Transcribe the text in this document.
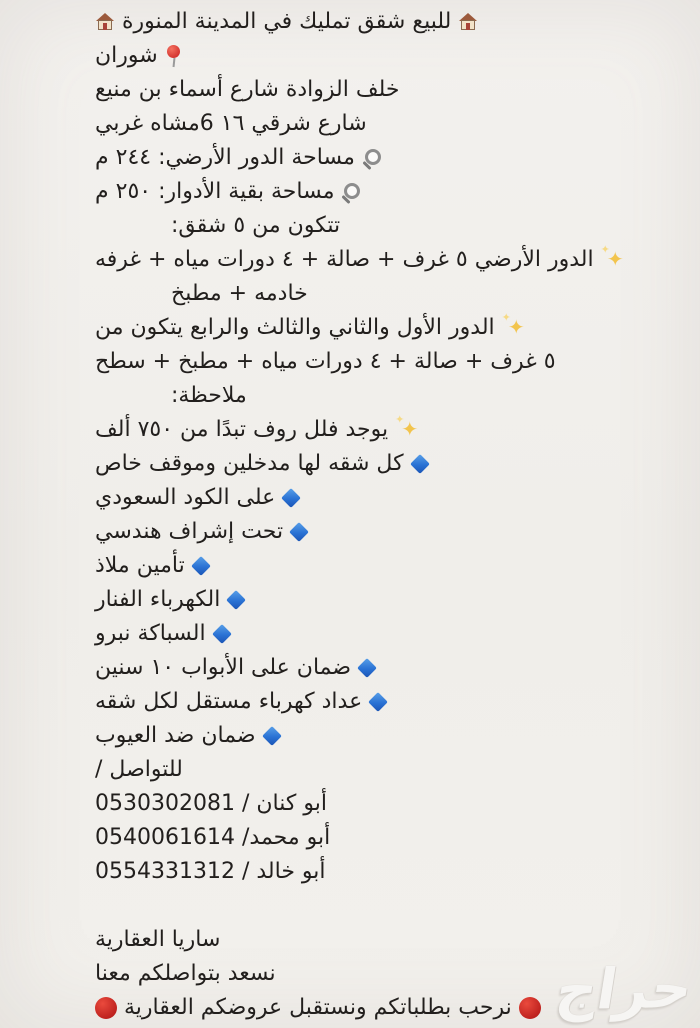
للبيع شقق تمليك في المدينة المنورة
شوران
خلف الزوادة شارع أسماء بن منيع
شارع شرقي ١٦ 6مشاه غربي
مساحة الدور الأرضي: ٢٤٤ م
مساحة بقية الأدوار: ٢٥٠ م
تتكون من ٥ شقق:
✦  ✦
الدور الأرضي ٥ غرف + صالة + ٤ دورات مياه + غرفه
خادمه + مطبخ
✦  ✦
الدور الأول والثاني والثالث والرابع يتكون من
٥ غرف + صالة + ٤ دورات مياه + مطبخ + سطح
ملاحظة:
✦  ✦
يوجد فلل روف تبدًا من ٧٥٠ ألف
كل شقه لها مدخلين وموقف خاص
على الكود السعودي
تحت إشراف هندسي
تأمين ملاذ
الكهرباء الفنار
السباكة نبرو
ضمان على الأبواب ١٠ سنين
عداد كهرباء مستقل لكل شقه
ضمان ضد العيوب
للتواصل /
أبو كنان / 0530302081
أبو محمد/ 0540061614
أبو خالد / 0554331312
ساريا العقارية
نسعد بتواصلكم معنا
نرحب بطلباتكم ونستقبل عروضكم العقارية حراج
